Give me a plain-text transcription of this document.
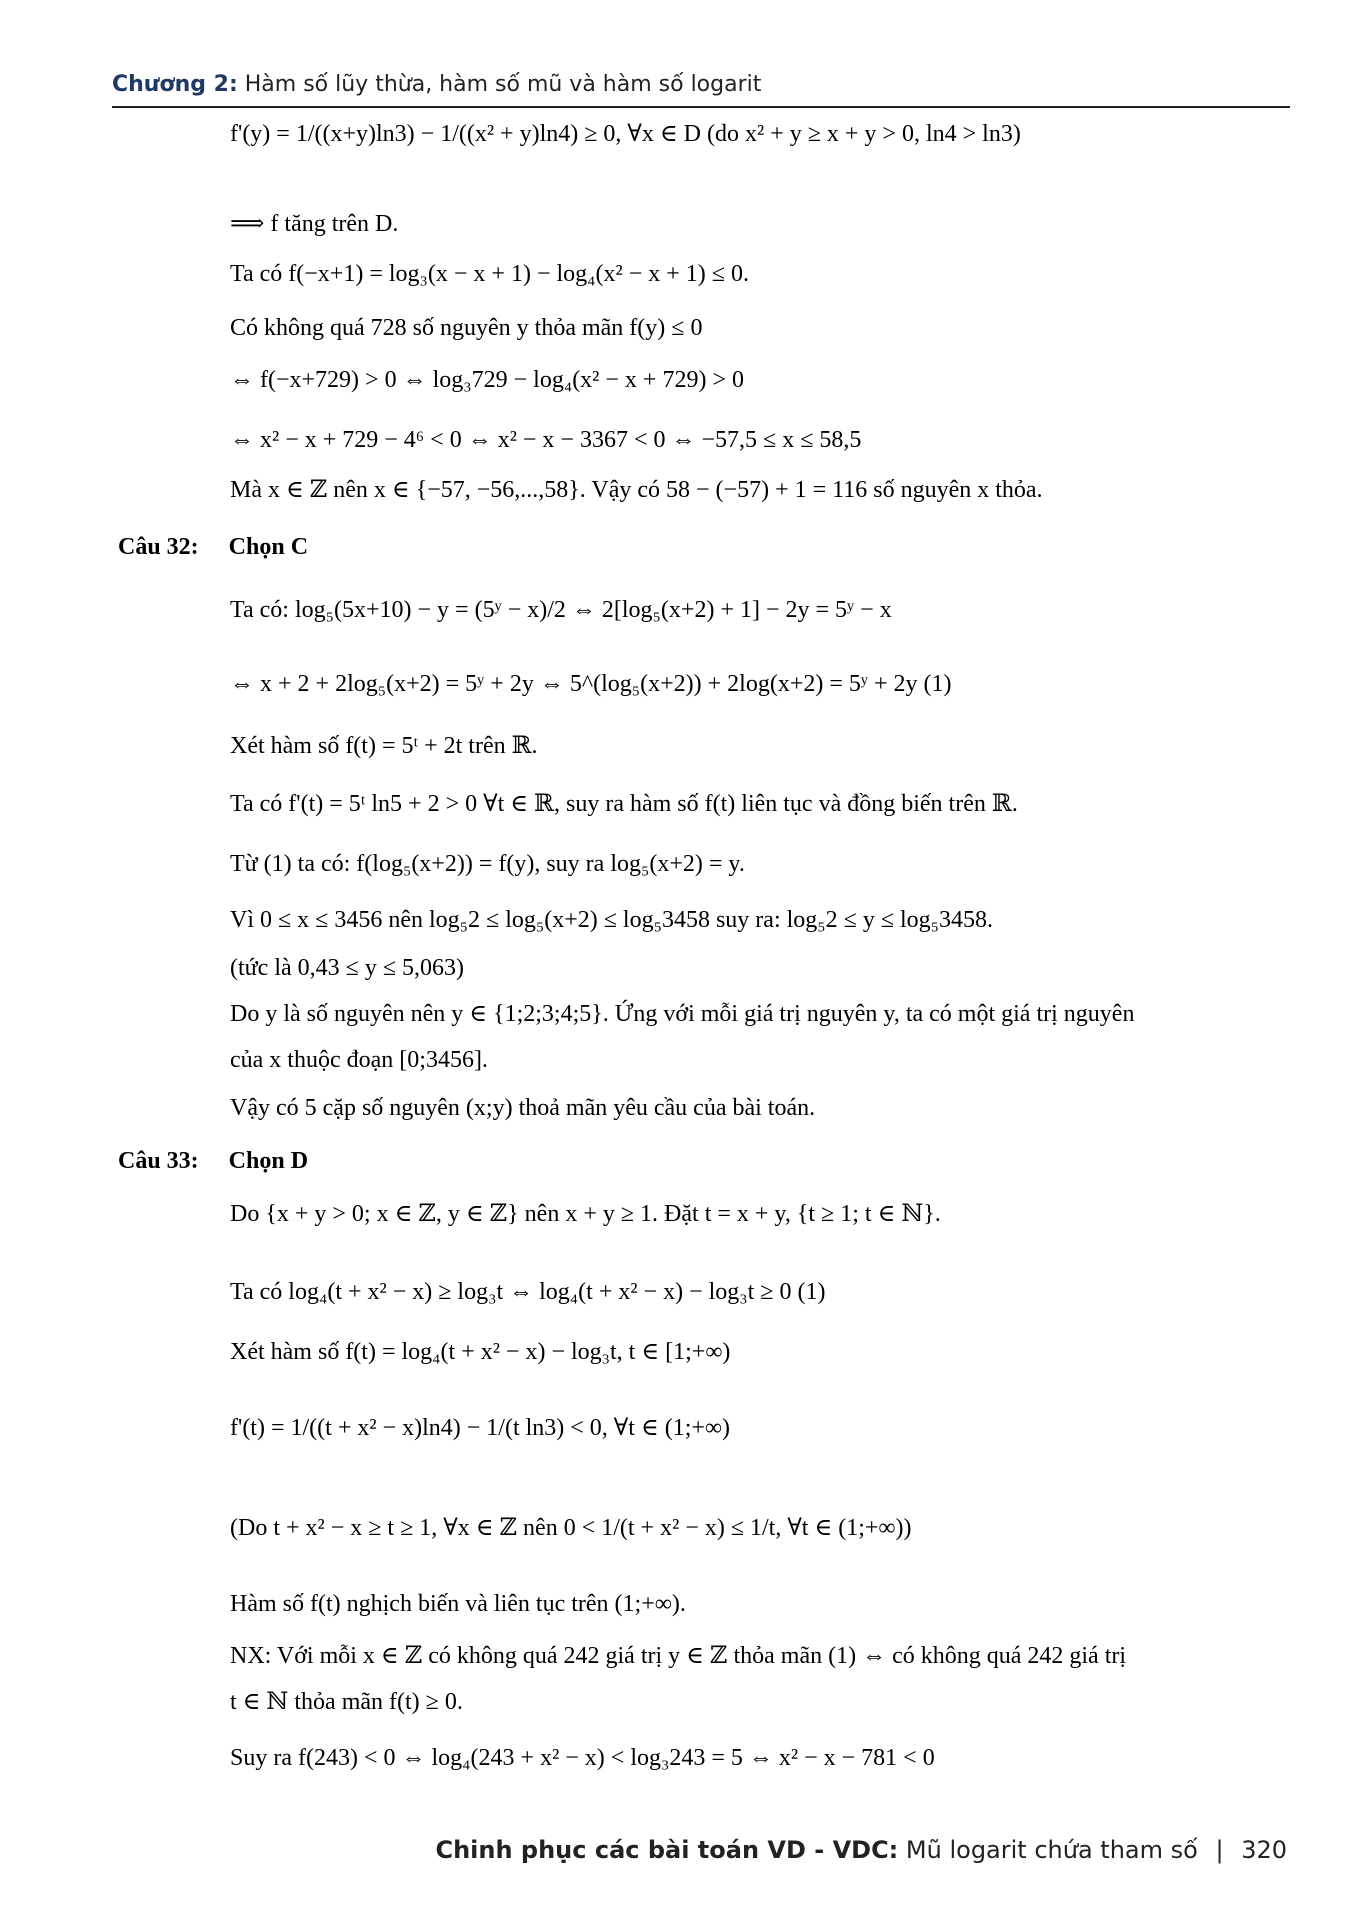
Chương 2: Hàm số lũy thừa, hàm số mũ và hàm số logarit
f'(y) = 1/((x+y)ln3) − 1/((x² + y)ln4) ≥ 0, ∀x ∈ D (do x² + y ≥ x + y > 0, ln4 > ln3)
⟹ f tăng trên D.
Ta có f(−x+1) = log₃(x − x + 1) − log₄(x² − x + 1) ≤ 0.
Có không quá 728 số nguyên y thỏa mãn f(y) ≤ 0
⇔ f(−x+729) > 0 ⇔ log₃729 − log₄(x² − x + 729) > 0
⇔ x² − x + 729 − 4⁶ < 0 ⇔ x² − x − 3367 < 0 ⇔ −57,5 ≤ x ≤ 58,5
Mà x ∈ ℤ nên x ∈ {−57, −56,...,58}. Vậy có 58 − (−57) + 1 = 116 số nguyên x thỏa.
Câu 32: Chọn C
Ta có: log₅(5x+10) − y = (5ʸ − x)/2 ⇔ 2[log₅(x+2) + 1] − 2y = 5ʸ − x
⇔ x + 2 + 2log₅(x+2) = 5ʸ + 2y ⇔ 5^(log₅(x+2)) + 2log(x+2) = 5ʸ + 2y (1)
Xét hàm số f(t) = 5ᵗ + 2t trên ℝ.
Ta có f'(t) = 5ᵗ ln5 + 2 > 0 ∀t ∈ ℝ, suy ra hàm số f(t) liên tục và đồng biến trên ℝ.
Từ (1) ta có: f(log₅(x+2)) = f(y), suy ra log₅(x+2) = y.
Vì 0 ≤ x ≤ 3456 nên log₅2 ≤ log₅(x+2) ≤ log₅3458 suy ra: log₅2 ≤ y ≤ log₅3458.
(tức là 0,43 ≤ y ≤ 5,063)
Do y là số nguyên nên y ∈ {1;2;3;4;5}. Ứng với mỗi giá trị nguyên y, ta có một giá trị nguyên
của x thuộc đoạn [0;3456].
Vậy có 5 cặp số nguyên (x;y) thoả mãn yêu cầu của bài toán.
Câu 33: Chọn D
Do {x + y > 0; x ∈ ℤ, y ∈ ℤ} nên x + y ≥ 1. Đặt t = x + y, {t ≥ 1; t ∈ ℕ}.
Ta có log₄(t + x² − x) ≥ log₃t ⇔ log₄(t + x² − x) − log₃t ≥ 0 (1)
Xét hàm số f(t) = log₄(t + x² − x) − log₃t, t ∈ [1;+∞)
f'(t) = 1/((t + x² − x)ln4) − 1/(t ln3) < 0, ∀t ∈ (1;+∞)
(Do t + x² − x ≥ t ≥ 1, ∀x ∈ ℤ nên 0 < 1/(t + x² − x) ≤ 1/t, ∀t ∈ (1;+∞))
Hàm số f(t) nghịch biến và liên tục trên (1;+∞).
NX: Với mỗi x ∈ ℤ có không quá 242 giá trị y ∈ ℤ thỏa mãn (1) ⇔ có không quá 242 giá trị
t ∈ ℕ thỏa mãn f(t) ≥ 0.
Suy ra f(243) < 0 ⇔ log₄(243 + x² − x) < log₃243 = 5 ⇔ x² − x − 781 < 0
Chinh phục các bài toán VD - VDC: Mũ logarit chứa tham số | 320
